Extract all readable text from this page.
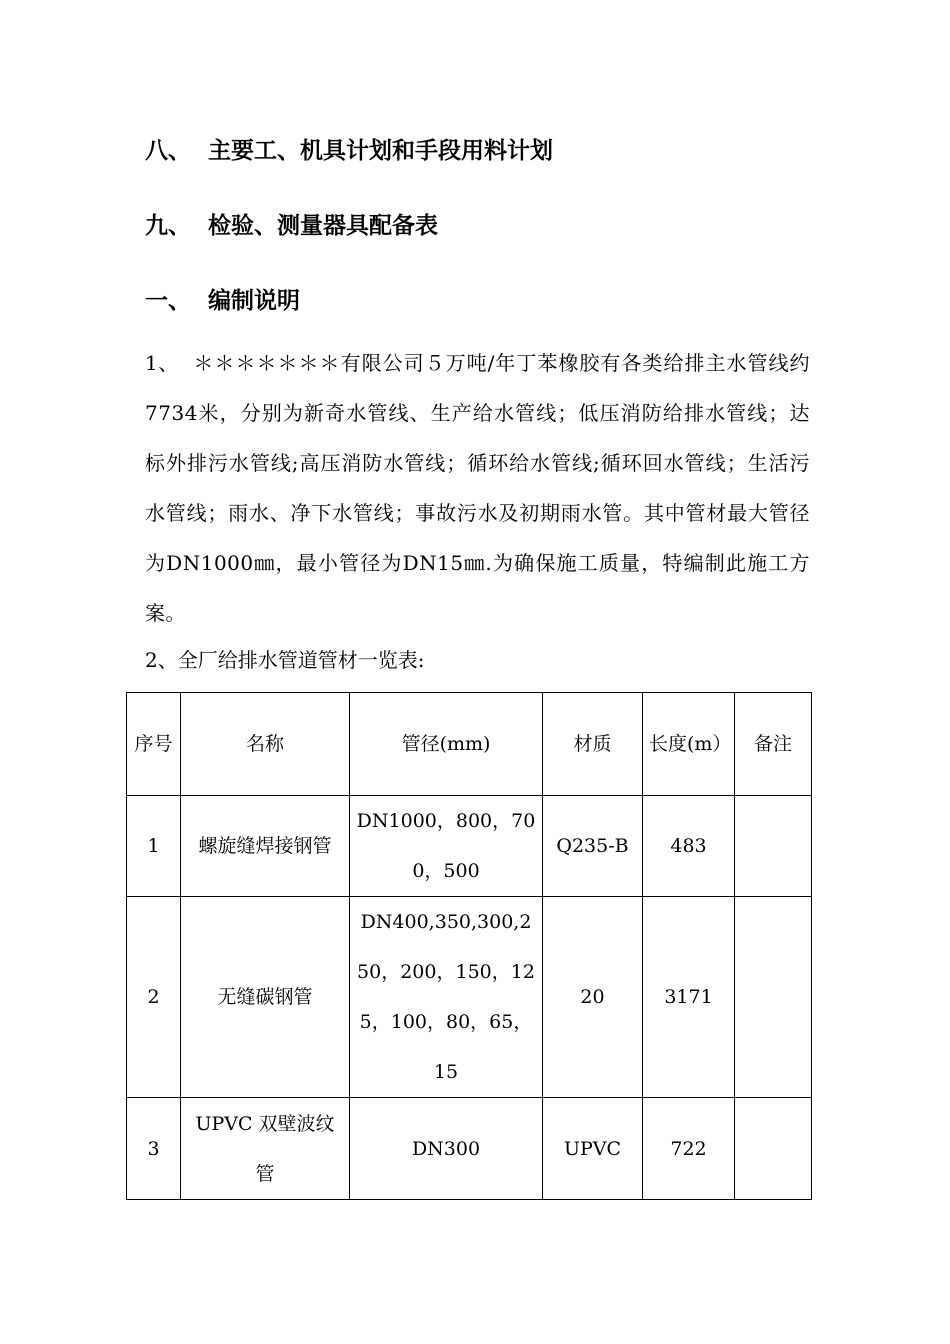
八、 主要工、机具计划和手段用料计划
九、 检验、测量器具配备表
一、 编制说明
1、 ＊＊＊＊＊＊＊有限公司５万吨/年丁苯橡胶有各类给排主水管线约7734米，分别为新奇水管线、生产给水管线；低压消防给排水管线；达标外排污水管线;高压消防水管线；循环给水管线;循环回水管线；生活污水管线；雨水、净下水管线；事故污水及初期雨水管。其中管材最大管径为DN1000㎜，最小管径为DN15㎜.为确保施工质量，特编制此施工方案。
2、全厂给排水管道管材一览表:
序号	名称	管径(mm)	材质	长度(m）	备注
1	螺旋缝焊接钢管	DN1000，800，700，500	Q235-B	483	
2	无缝碳钢管	DN400,350,300,250，200，150，125，100，80，65，15	20	3171	
3	UPVC 双壁波纹管	DN300	UPVC	722	
